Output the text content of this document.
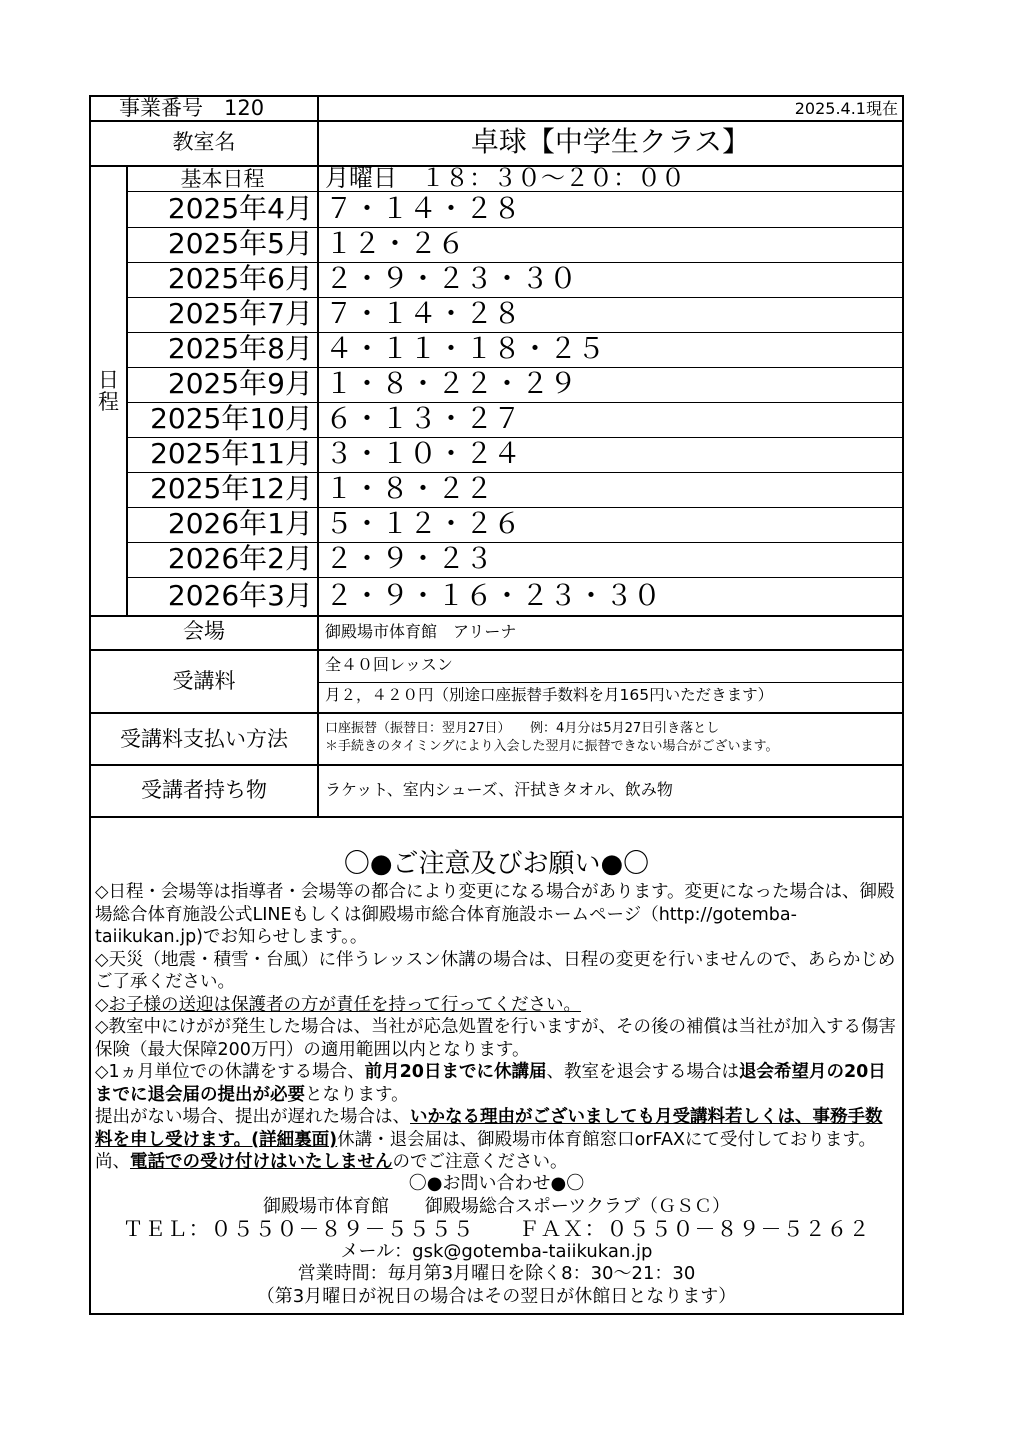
事業番号　120	2025.4.1現在
教室名	卓球【中学生クラス】
日程
基本日程	月曜日　１８：３０～２０：００
2025年4月 ７・１４・２８
2025年5月 １２・２６
2025年6月 ２・９・２３・３０
2025年7月 ７・１４・２８
2025年8月 ４・１１・１８・２５
2025年9月 １・８・２２・２９
2025年10月 ６・１３・２７
2025年11月 ３・１０・２４
2025年12月 １・８・２２
2026年1月 ５・１２・２６
2026年2月 ２・９・２３
2026年3月 ２・９・１６・２３・３０
会場	御殿場市体育館　アリーナ
受講料
全４０回レッスン
月２，４２０円（別途口座振替手数料を月165円いただきます）
受講料支払い方法	口座振替（振替日：翌月27日）　　例：4月分は5月27日引き落とし
＊手続きのタイミングにより入会した翌月に振替できない場合がございます。
受講者持ち物	ラケット、室内シューズ、汗拭きタオル、飲み物
〇●ご注意及びお願い●〇

◇日程・会場等は指導者・会場等の都合により変更になる場合があります。変更になった場合は、御殿場総合体育施設公式LINEもしくは御殿場市総合体育施設ホームページ（http://gotemba-taiikukan.jp)でお知らせします。。

◇天災（地震・積雪・台風）に伴うレッスン休講の場合は、日程の変更を行いませんので、あらかじめご了承ください。

◇お子様の送迎は保護者の方が責任を持って行ってください。

◇教室中にけがが発生した場合は、当社が応急処置を行いますが、その後の補償は当社が加入する傷害保険（最大保障200万円）の適用範囲以内となります。

◇1ヵ月単位での休講をする場合、前月20日までに休講届、教室を退会する場合は退会希望月の20日までに退会届の提出が必要となります。

提出がない場合、提出が遅れた場合は、いかなる理由がございましても月受講料若しくは、事務手数料を申し受けます。(詳細裏面)休講・退会届は、御殿場市体育館窓口orFAXにて受付しております。尚、電話での受け付けはいたしませんのでご注意ください。

〇●お問い合わせ●〇
御殿場市体育館　　御殿場総合スポーツクラブ（ＧＳＣ）
ＴＥＬ：０５５０－８９－５５５５　　ＦＡＸ：０５５０－８９－５２６２
メール：gsk@gotemba-taiikukan.jp
営業時間：毎月第3月曜日を除く8：30～21：30
（第3月曜日が祝日の場合はその翌日が休館日となります）
